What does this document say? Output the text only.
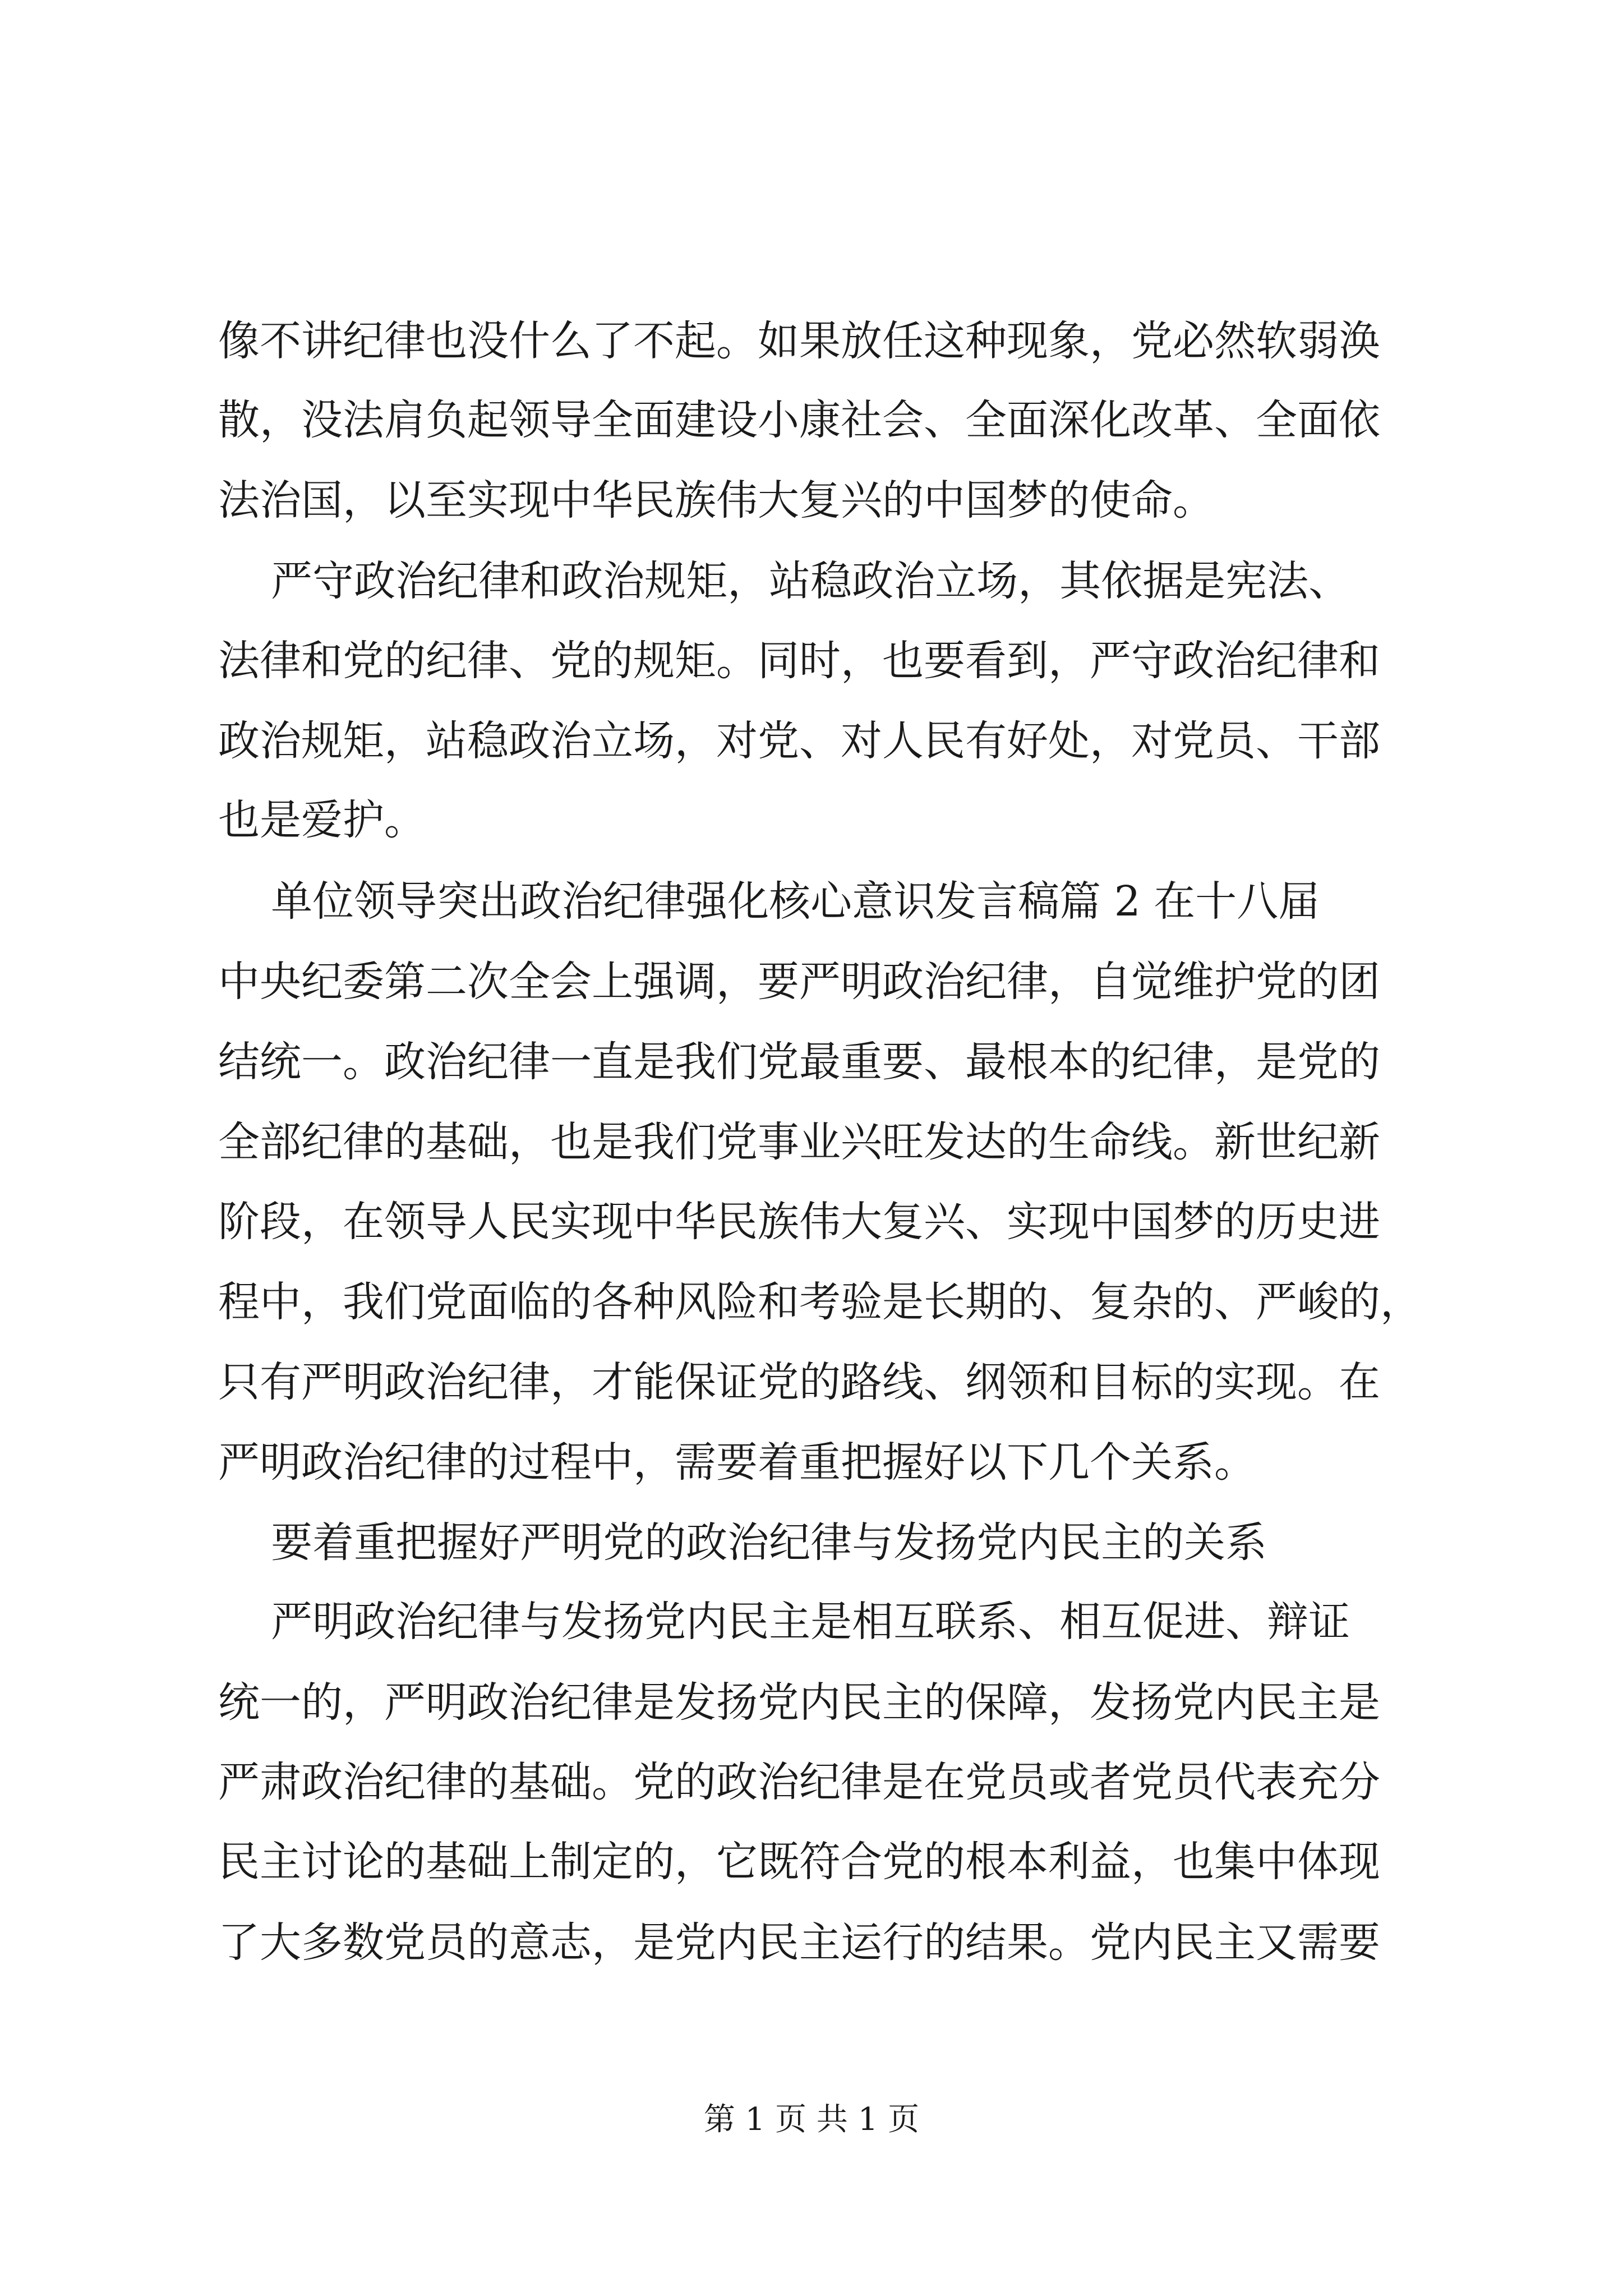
像不讲纪律也没什么了不起。如果放任这种现象，党必然软弱涣
散，没法肩负起领导全面建设小康社会、全面深化改革、全面依
法治国，以至实现中华民族伟大复兴的中国梦的使命。
严守政治纪律和政治规矩，站稳政治立场，其依据是宪法、
法律和党的纪律、党的规矩。同时，也要看到，严守政治纪律和
政治规矩，站稳政治立场，对党、对人民有好处，对党员、干部
也是爱护。
单位领导突出政治纪律强化核心意识发言稿篇 2 在十八届
中央纪委第二次全会上强调，要严明政治纪律，自觉维护党的团
结统一。政治纪律一直是我们党最重要、最根本的纪律，是党的
全部纪律的基础，也是我们党事业兴旺发达的生命线。新世纪新
阶段，在领导人民实现中华民族伟大复兴、实现中国梦的历史进
程中，我们党面临的各种风险和考验是长期的、复杂的、严峻的，
只有严明政治纪律，才能保证党的路线、纲领和目标的实现。在
严明政治纪律的过程中，需要着重把握好以下几个关系。
要着重把握好严明党的政治纪律与发扬党内民主的关系
严明政治纪律与发扬党内民主是相互联系、相互促进、辩证
统一的，严明政治纪律是发扬党内民主的保障，发扬党内民主是
严肃政治纪律的基础。党的政治纪律是在党员或者党员代表充分
民主讨论的基础上制定的，它既符合党的根本利益，也集中体现
了大多数党员的意志，是党内民主运行的结果。党内民主又需要
第 1 页 共 1 页
